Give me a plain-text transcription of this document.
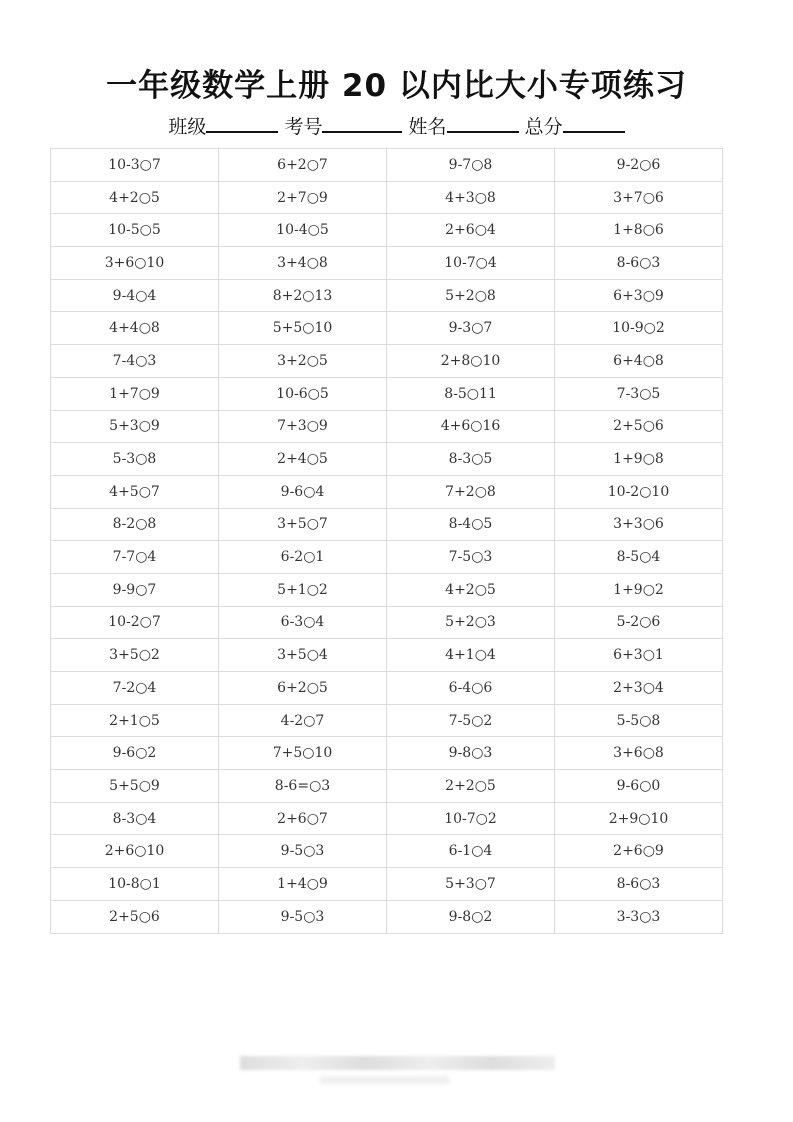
一年级数学上册 20 以内比大小专项练习
班级	考号	姓名	总分
10-3○7	6+2○7	9-7○8	9-2○6
4+2○5	2+7○9	4+3○8	3+7○6
10-5○5	10-4○5	2+6○4	1+8○6
3+6○10	3+4○8	10-7○4	8-6○3
9-4○4	8+2○13	5+2○8	6+3○9
4+4○8	5+5○10	9-3○7	10-9○2
7-4○3	3+2○5	2+8○10	6+4○8
1+7○9	10-6○5	8-5○11	7-3○5
5+3○9	7+3○9	4+6○16	2+5○6
5-3○8	2+4○5	8-3○5	1+9○8
4+5○7	9-6○4	7+2○8	10-2○10
8-2○8	3+5○7	8-4○5	3+3○6
7-7○4	6-2○1	7-5○3	8-5○4
9-9○7	5+1○2	4+2○5	1+9○2
10-2○7	6-3○4	5+2○3	5-2○6
3+5○2	3+5○4	4+1○4	6+3○1
7-2○4	6+2○5	6-4○6	2+3○4
2+1○5	4-2○7	7-5○2	5-5○8
9-6○2	7+5○10	9-8○3	3+6○8
5+5○9	8-6=○3	2+2○5	9-6○0
8-3○4	2+6○7	10-7○2	2+9○10
2+6○10	9-5○3	6-1○4	2+6○9
10-8○1	1+4○9	5+3○7	8-6○3
2+5○6	9-5○3	9-8○2	3-3○3
